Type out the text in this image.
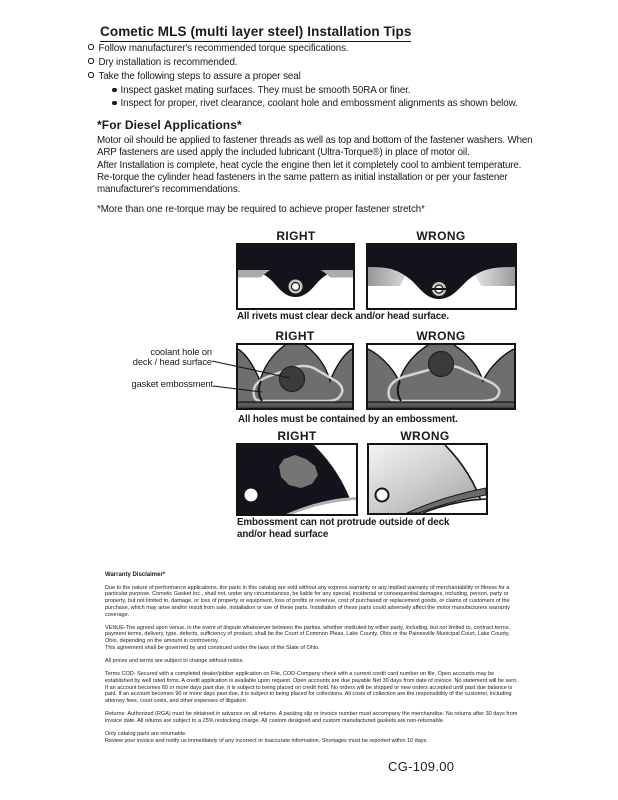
Cometic MLS (multi layer steel) Installation Tips
Follow manufacturer's recommended torque specifications.
Dry installation is recommended.
Take the following steps to assure a proper seal
Inspect gasket mating surfaces. They must be smooth 50RA or finer.
Inspect for proper, rivet clearance, coolant hole and embossment alignments as shown below.
*For Diesel Applications*
Motor oil should be applied to fastener threads as well as top and bottom of the fastener washers. When ARP fasteners are used apply the included lubricant (Ultra-Torque®) in place of motor oil.
After Installation is complete, heat cycle the engine then let it completely cool to ambient temperature. Re-torque the cylinder head fasteners in the same pattern as initial installation or per your fastener manufacturer's recommendations.
*More than one re-torque may be required to achieve proper fastener stretch*
RIGHT	WRONG
All rivets must clear deck and/or head surface.
RIGHT	WRONG
coolant hole on
deck / head surface
gasket embossment
All holes must be contained by an embossment.
RIGHT	WRONG
Embossment can not protrude outside of deck
and/or head surface

Warranty Disclaimer*

Due to the nature of performance applications, the parts in this catalog are sold without any express warranty or any implied warranty of merchantability or fitness for a particular purpose. Cometic Gasket Inc., shall not, under any circumstances, be liable for any special, incidental or consequential damages, including, person, party or property, but not limited to, damage, or loss of property or equipment, loss of profits or revenue, cost of purchased or replacement goods, or claims of customers of the purchase, which may arise and/or result from sale, installation or use of these parts. Installation of these parts could adversely affect the motor manufacturers warranty coverage.

VENUE-The agreed upon venue, in the event of dispute whatsoever between the parties, whether instituted by either party, including, but not limited to, contract terms, payment terms, delivery, type, defects, sufficiency of product, shall be the Court of Common Pleas, Lake County, Ohio or the Painesville Municipal Court, Lake County, Ohio, depending on the amount in controversy.
This agreement shall be governed by and construed under the laws of the State of Ohio.

All prices and terms are subject to change without notice.

Terms COD- Secured with a completed dealer/jobber application on File, COD-Company check with a current credit card number on file. Open accounts may be established by well rated firms. A credit application is available upon request. Open accounts are due payable Net 30 days from date of invoice. No statement will be sent. If an account becomes 60 or more days past due, it is subject to being placed on credit hold. No orders will be shipped or new orders accepted until past due balance is paid. If an account becomes 90 or more days past due, it is subject to being placed for collections. All costs of collection are the responsibility of the customer, including attorney fees, court costs, and other expenses of litigation.

Returns- Authorized (RGA) must be obtained in advance on all returns. A packing slip or invoice number must accompany the merchandise. No returns after 30 days from invoice date. All returns are subject to a 25% restocking charge. All custom designed and custom manufactured gaskets are non-returnable.

Only catalog parts are returnable.
Review your invoice and notify us immediately of any incorrect or inaccurate information. Shortages must be reported within 10 days.

CG-109.00
